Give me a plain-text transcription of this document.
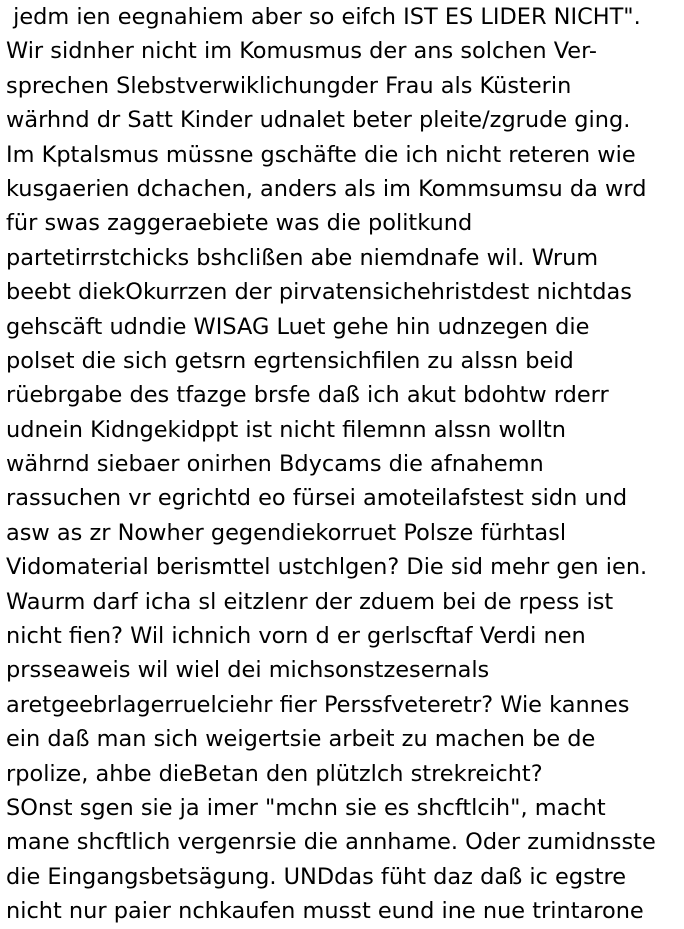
jedm ien eegnahiem aber so eifch IST ES LIDER NICHT".
Wir sidnher nicht im Komusmus der ans solchen Ver-
sprechen Slebstverwiklichungder Frau als Küsterin
wärhnd dr Satt Kinder udnalet beter pleite/zgrude ging.
Im Kptalsmus müssne gschäfte die ich nicht reteren wie
kusgaerien dchachen, anders als im Kommsumsu da wrd
für swas zaggeraebiete was die politkund
partetirrstchicks bshclißen abe niemdnafe wil. Wrum
beebt diekOkurrzen der pirvatensichehristdest nichtdas
gehscäft udndie WISAG Luet gehe hin udnzegen die
polset die sich getsrn egrtensichfilen zu alssn beid
rüebrgabe des tfazge brsfe daß ich akut bdohtw rderr
udnein Kidngekidppt ist nicht filemnn alssn wolltn
währnd siebaer onirhen Bdycams die afnahemn
rassuchen vr egrichtd eo fürsei amoteilafstest sidn und
asw as zr Nowher gegendiekorruet Polsze fürhtasl
Vidomaterial berismttel ustchlgen? Die sid mehr gen ien.
Waurm darf icha sl eitzlenr der zduem bei de rpess ist
nicht fien? Wil ichnich vorn d er gerlscftaf Verdi nen
prsseaweis wil wiel dei michsonstzesernals
aretgeebrlagerruelciehr fier Perssfveteretr? Wie kannes
ein daß man sich weigertsie arbeit zu machen be de
rpolize, ahbe dieBetan den plützlch strekreicht?
SOnst sgen sie ja imer "mchn sie es shcftlcih", macht
mane shcftlich vergenrsie die annhame. Oder zumidnsste
die Eingangsbetsägung. UNDdas füht daz daß ic egstre
nicht nur paier nchkaufen musst eund ine nue trintarone
